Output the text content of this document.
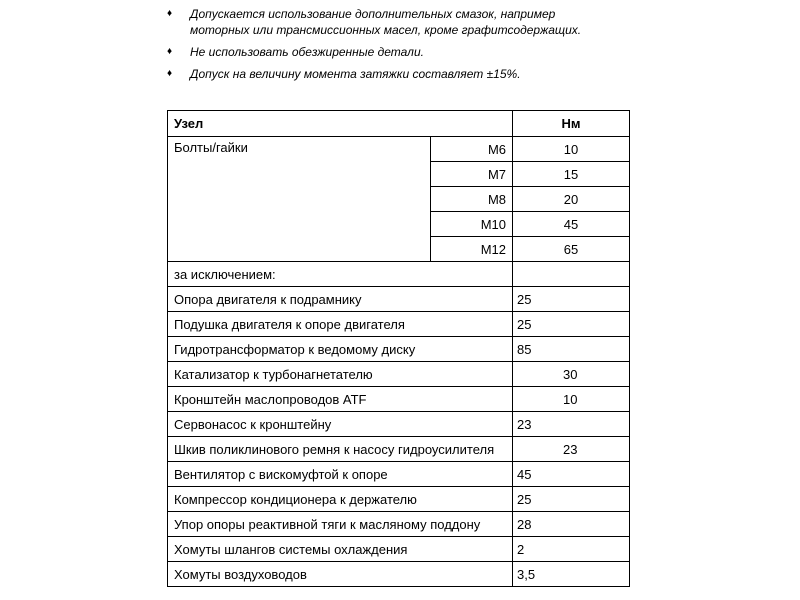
♦ Допускается использование дополнительных смазок, например моторных или трансмиссионных масел, кроме графитсодержащих.
♦ Не использовать обезжиренные детали.
♦ Допуск на величину момента затяжки составляет ±15%.
Узел		Нм
Болты/гайки	M6	10
	M7	15
	M8	20
	M10	45
	M12	65
за исключением:		
Опора двигателя к подрамнику		25
Подушка двигателя к опоре двигателя		25
Гидротрансформатор к ведомому диску		85
Катализатор к турбонагнетателю		30
Кронштейн маслопроводов ATF		10
Сервонасос к кронштейну		23
Шкив поликлинового ремня к насосу гидроусилителя		23
Вентилятор с вискомуфтой к опоре		45
Компрессор кондиционера к держателю		25
Упор опоры реактивной тяги к масляному поддону		28
Хомуты шлангов системы охлаждения		2
Хомуты воздуховодов		3,5
